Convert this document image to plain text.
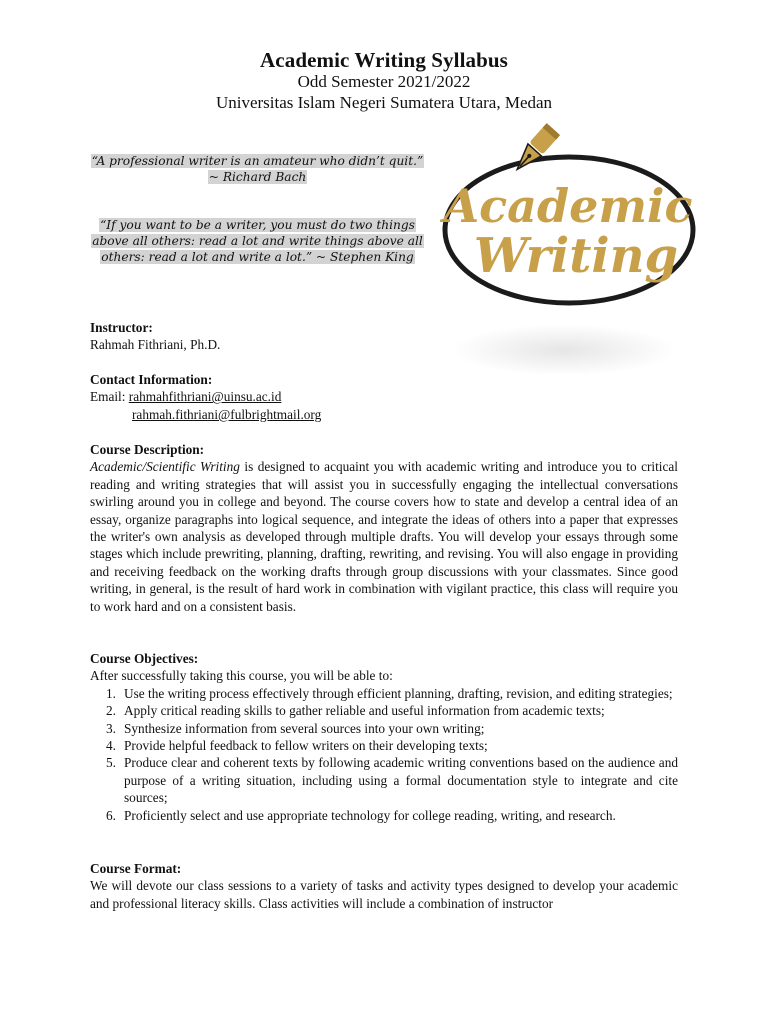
Academic Writing Syllabus
Odd Semester 2021/2022
Universitas Islam Negeri Sumatera Utara, Medan
“A professional writer is an amateur who didn’t quit.”
~ Richard Bach
“If you want to be a writer, you must do two things
above all others: read a lot and write things above all
others: read a lot and write a lot.” ~ Stephen King
Academic
Writing
Instructor:
Rahmah Fithriani, Ph.D.
Contact Information:
Email: rahmahfithriani@uinsu.ac.id
rahmah.fithriani@fulbrightmail.org
Course Description:
Academic/Scientific Writing is designed to acquaint you with academic writing and introduce you to critical reading and writing strategies that will assist you in successfully engaging the intellectual conversations swirling around you in college and beyond. The course covers how to state and develop a central idea of an essay, organize paragraphs into logical sequence, and integrate the ideas of others into a paper that expresses the writer's own analysis as developed through multiple drafts. You will develop your essays through some stages which include prewriting, planning, drafting, rewriting, and revising. You will also engage in providing and receiving feedback on the working drafts through group discussions with your classmates. Since good writing, in general, is the result of hard work in combination with vigilant practice, this class will require you to work hard and on a consistent basis.
Course Objectives:
After successfully taking this course, you will be able to:
1. Use the writing process effectively through efficient planning, drafting, revision, and editing strategies;
2. Apply critical reading skills to gather reliable and useful information from academic texts;
3. Synthesize information from several sources into your own writing;
4. Provide helpful feedback to fellow writers on their developing texts;
5. Produce clear and coherent texts by following academic writing conventions based on the audience and purpose of a writing situation, including using a formal documentation style to integrate and cite sources;
6. Proficiently select and use appropriate technology for college reading, writing, and research.
Course Format:
We will devote our class sessions to a variety of tasks and activity types designed to develop your academic and professional literacy skills. Class activities will include a combination of instructor
